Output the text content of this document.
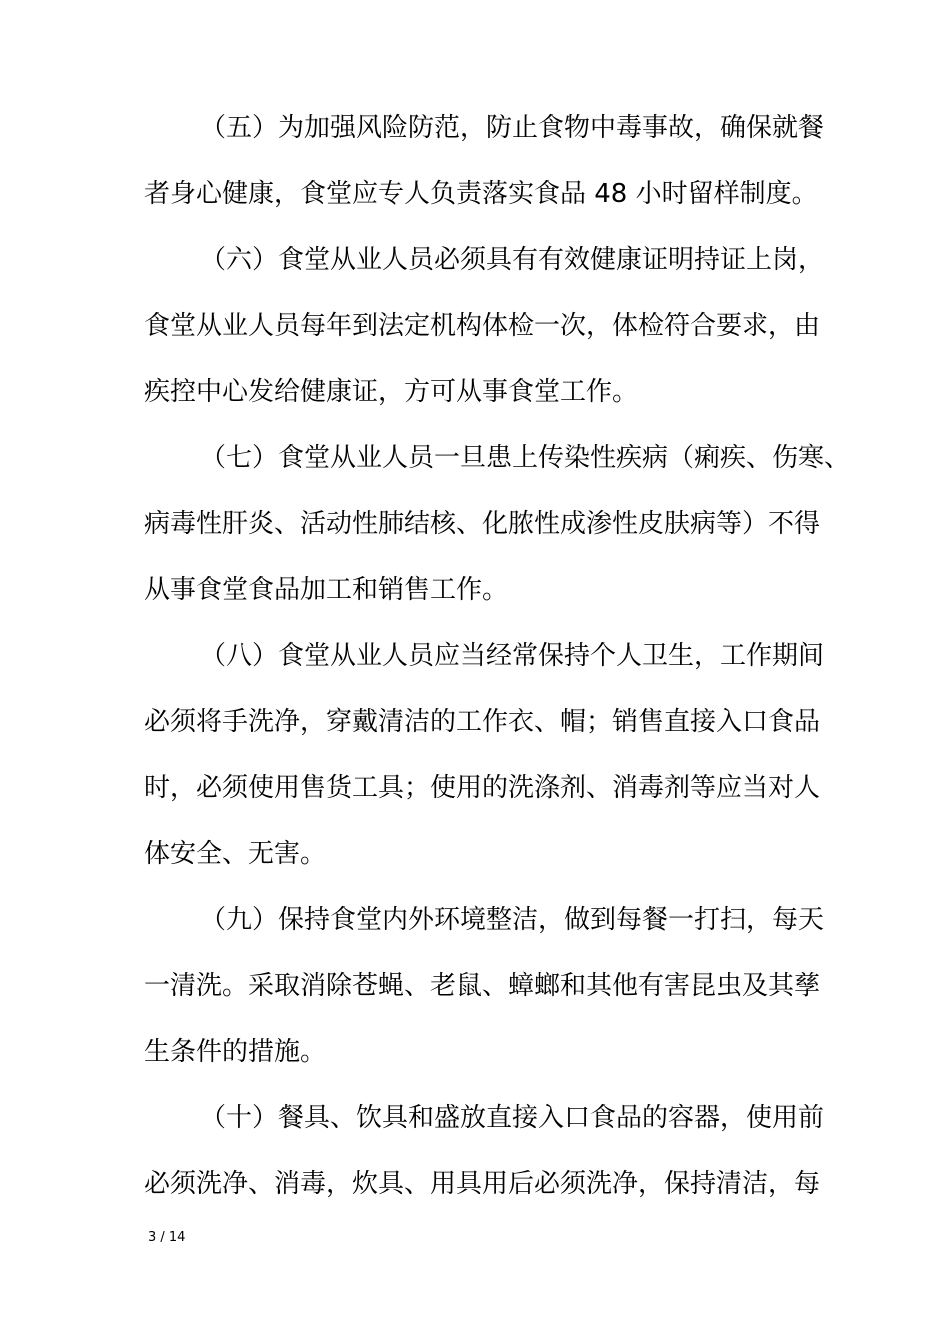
（五）为加强风险防范，防止食物中毒事故，确保就餐
者身心健康，食堂应专人负责落实食品 48 小时留样制度。
（六）食堂从业人员必须具有有效健康证明持证上岗，
食堂从业人员每年到法定机构体检一次，体检符合要求，由
疾控中心发给健康证，方可从事食堂工作。
（七）食堂从业人员一旦患上传染性疾病（痢疾、伤寒、
病毒性肝炎、活动性肺结核、化脓性成渗性皮肤病等）不得
从事食堂食品加工和销售工作。
（八）食堂从业人员应当经常保持个人卫生，工作期间
必须将手洗净，穿戴清洁的工作衣、帽；销售直接入口食品
时，必须使用售货工具；使用的洗涤剂、消毒剂等应当对人
体安全、无害。
（九）保持食堂内外环境整洁，做到每餐一打扫，每天
一清洗。采取消除苍蝇、老鼠、蟑螂和其他有害昆虫及其孳
生条件的措施。
（十）餐具、饮具和盛放直接入口食品的容器，使用前
必须洗净、消毒，炊具、用具用后必须洗净，保持清洁，每
3 / 14
